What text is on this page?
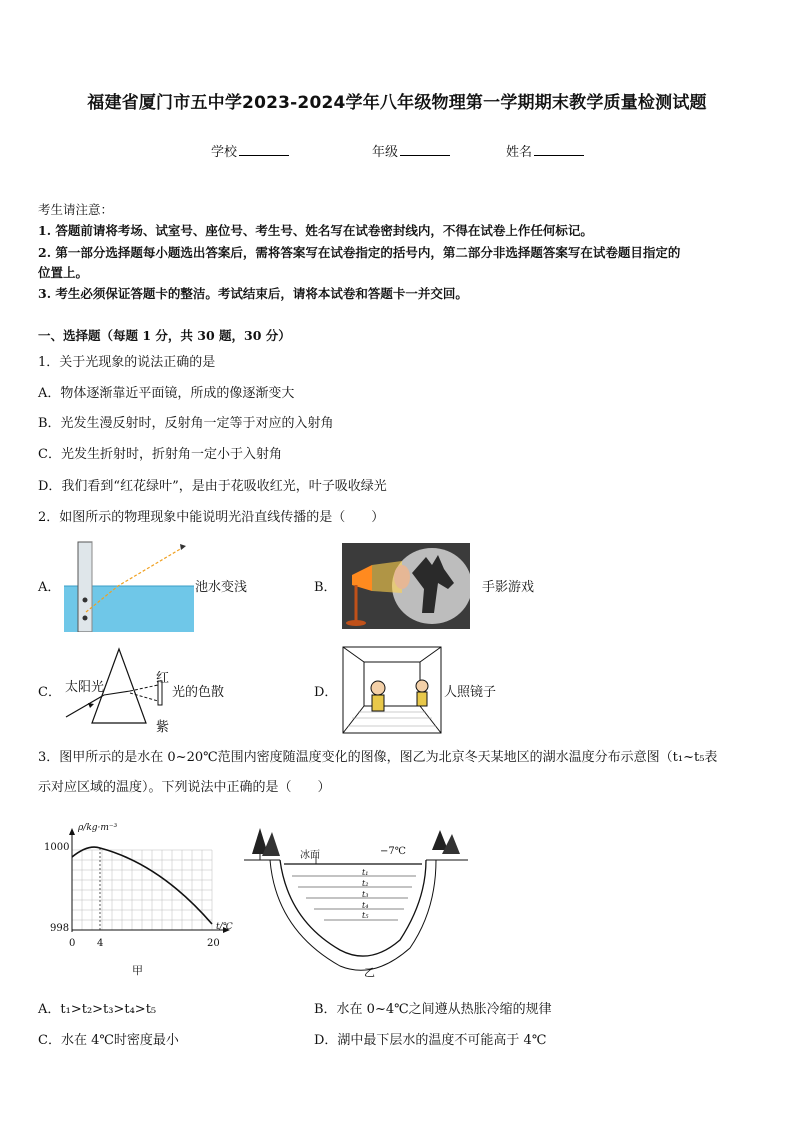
福建省厦门市五中学2023-2024学年八年级物理第一学期期末教学质量检测试题
学校	年级	姓名
考生请注意：
1. 答题前请将考场、试室号、座位号、考生号、姓名写在试卷密封线内，不得在试卷上作任何标记。
2. 第一部分选择题每小题选出答案后，需将答案写在试卷指定的括号内，第二部分非选择题答案写在试卷题目指定的
位置上。
3. 考生必须保证答题卡的整洁。考试结束后，请将本试卷和答题卡一并交回。
一、选择题（每题 1 分，共 30 题，30 分）
1．关于光现象的说法正确的是
A．物体逐渐靠近平面镜，所成的像逐渐变大
B．光发生漫反射时，反射角一定等于对应的入射角
C．光发生折射时，折射角一定小于入射角
D．我们看到“红花绿叶”，是由于花吸收红光，叶子吸收绿光
2．如图所示的物理现象中能说明光沿直线传播的是（　　）
A．	池水变浅	B．	手影游戏
C． 太阳光
红
紫
光的色散	D．	人照镜子
3．图甲所示的是水在 0~20℃范围内密度随温度变化的图像，图乙为北京冬天某地区的湖水温度分布示意图（t₁~t₅表
示对应区域的温度）。下列说法中正确的是（　　）
ρ/kg·m⁻³
t/℃
1000
998
0 4	20
甲
冰面	−7℃
t₁
t₂
t₃
t₄
t₅
乙
A．t₁>t₂>t₃>t₄>t₅	B．水在 0~4℃之间遵从热胀冷缩的规律
C．水在 4℃时密度最小	D．湖中最下层水的温度不可能高于 4℃
